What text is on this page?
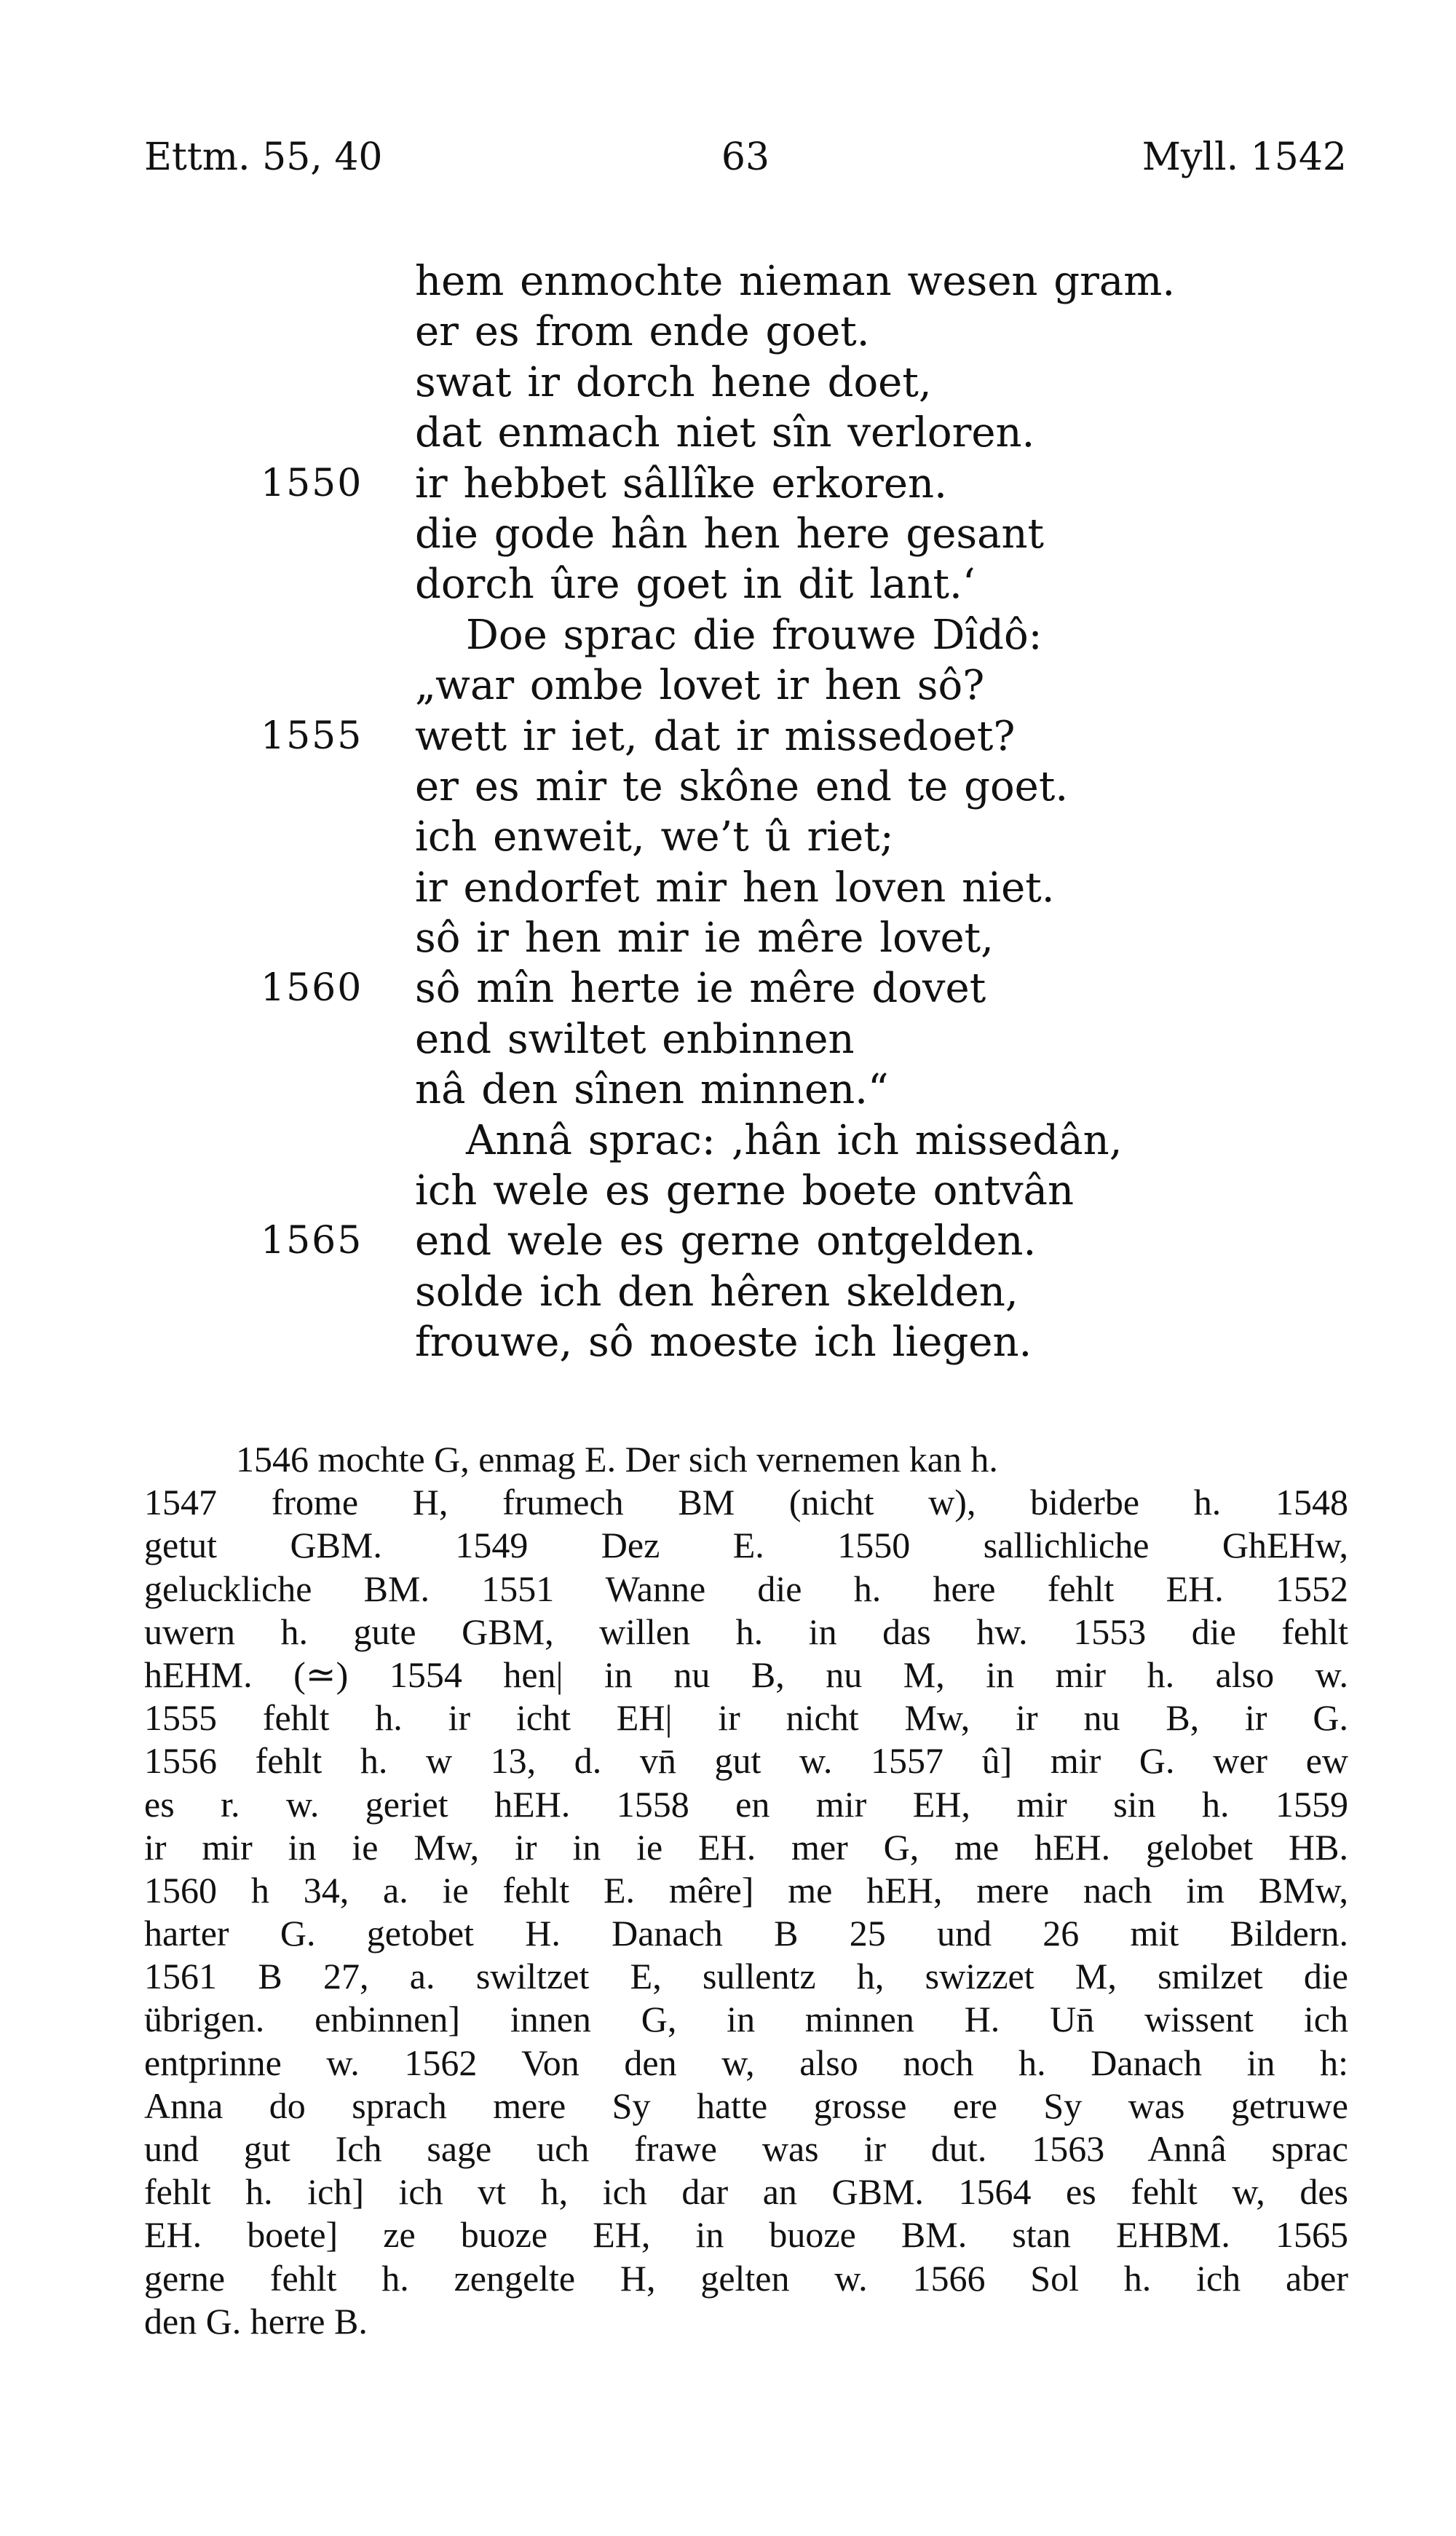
Ettm. 55, 40	63	Myll. 1542
hem enmochte nieman wesen gram.
er es from ende goet.
swat ir dorch hene doet,
dat enmach niet sîn verloren.
1550 ir hebbet sâllîke erkoren.
die gode hân hen here gesant
dorch ûre goet in dit lant.‘
Doe sprac die frouwe Dîdô:
„war ombe lovet ir hen sô?
1555 wett ir iet, dat ir missedoet?
er es mir te skône end te goet.
ich enweit, we’t û riet;
ir endorfet mir hen loven niet.
sô ir hen mir ie mêre lovet,
1560 sô mîn herte ie mêre dovet
end swiltet enbinnen
nâ den sînen minnen.“
Annâ sprac: ‚hân ich missedân,
ich wele es gerne boete ontvân
1565 end wele es gerne ontgelden.
solde ich den hêren skelden,
frouwe, sô moeste ich liegen.
1546 mochte G, enmag E. Der sich vernemen kan h.
1547 frome H, frumech BM (nicht w), biderbe h. 1548
getut GBM. 1549 Dez E. 1550 sallichliche GhEHw,
geluckliche BM. 1551 Wanne die h. here fehlt EH. 1552
uwern h. gute GBM, willen h. in das hw. 1553 die fehlt
hEHM. (≃) 1554 hen| in nu B, nu M, in mir h. also w.
1555 fehlt h. ir icht EH| ir nicht Mw, ir nu B, ir G.
1556 fehlt h. w 13, d. vn̄ gut w. 1557 û] mir G. wer ew
es r. w. geriet hEH. 1558 en mir EH, mir sin h. 1559
ir mir in ie Mw, ir in ie EH. mer G, me hEH. gelobet HB.
1560 h 34, a. ie fehlt E. mêre] me hEH, mere nach im BMw,
harter G. getobet H. Danach B 25 und 26 mit Bildern.
1561 B 27, a. swiltzet E, sullentz h, swizzet M, smilzet die
übrigen. enbinnen] innen G, in minnen H. Un̄ wissent ich
entprinne w. 1562 Von den w, also noch h. Danach in h:
Anna do sprach mere Sy hatte grosse ere Sy was getruwe
und gut Ich sage uch frawe was ir dut. 1563 Annâ sprac
fehlt h. ich] ich vt h, ich dar an GBM. 1564 es fehlt w, des
EH. boete] ze buoze EH, in buoze BM. stan EHBM. 1565
gerne fehlt h. zengelte H, gelten w. 1566 Sol h. ich aber
den G. herre B.
